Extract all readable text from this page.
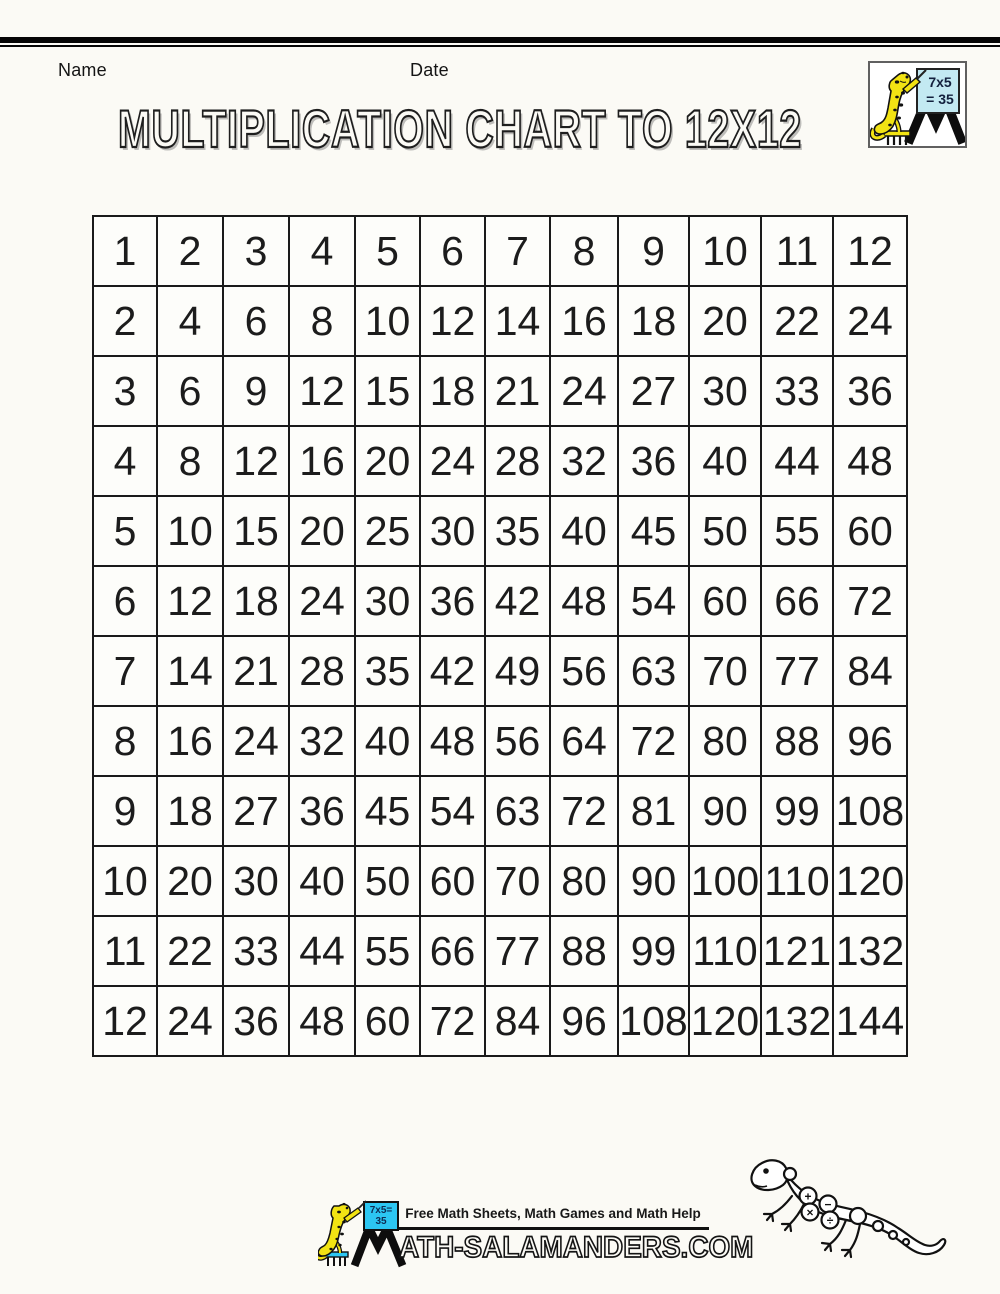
Name	Date
7x5
= 35
MULTIPLICATION CHART TO 12X12
1	2	3	4	5	6	7	8	9	10	11	12
2	4	6	8	10	12	14	16	18	20	22	24
3	6	9	12	15	18	21	24	27	30	33	36
4	8	12	16	20	24	28	32	36	40	44	48
5	10	15	20	25	30	35	40	45	50	55	60
6	12	18	24	30	36	42	48	54	60	66	72
7	14	21	28	35	42	49	56	63	70	77	84
8	16	24	32	40	48	56	64	72	80	88	96
9	18	27	36	45	54	63	72	81	90	99	108
10	20	30	40	50	60	70	80	90	100	110	120
11	22	33	44	55	66	77	88	99	110	121	132
12	24	36	48	60	72	84	96	108	120	132	144
7x5=
35
Free Math Sheets, Math Games and Math Help
ATH-SALAMANDERS.COM
+
−
×
÷
